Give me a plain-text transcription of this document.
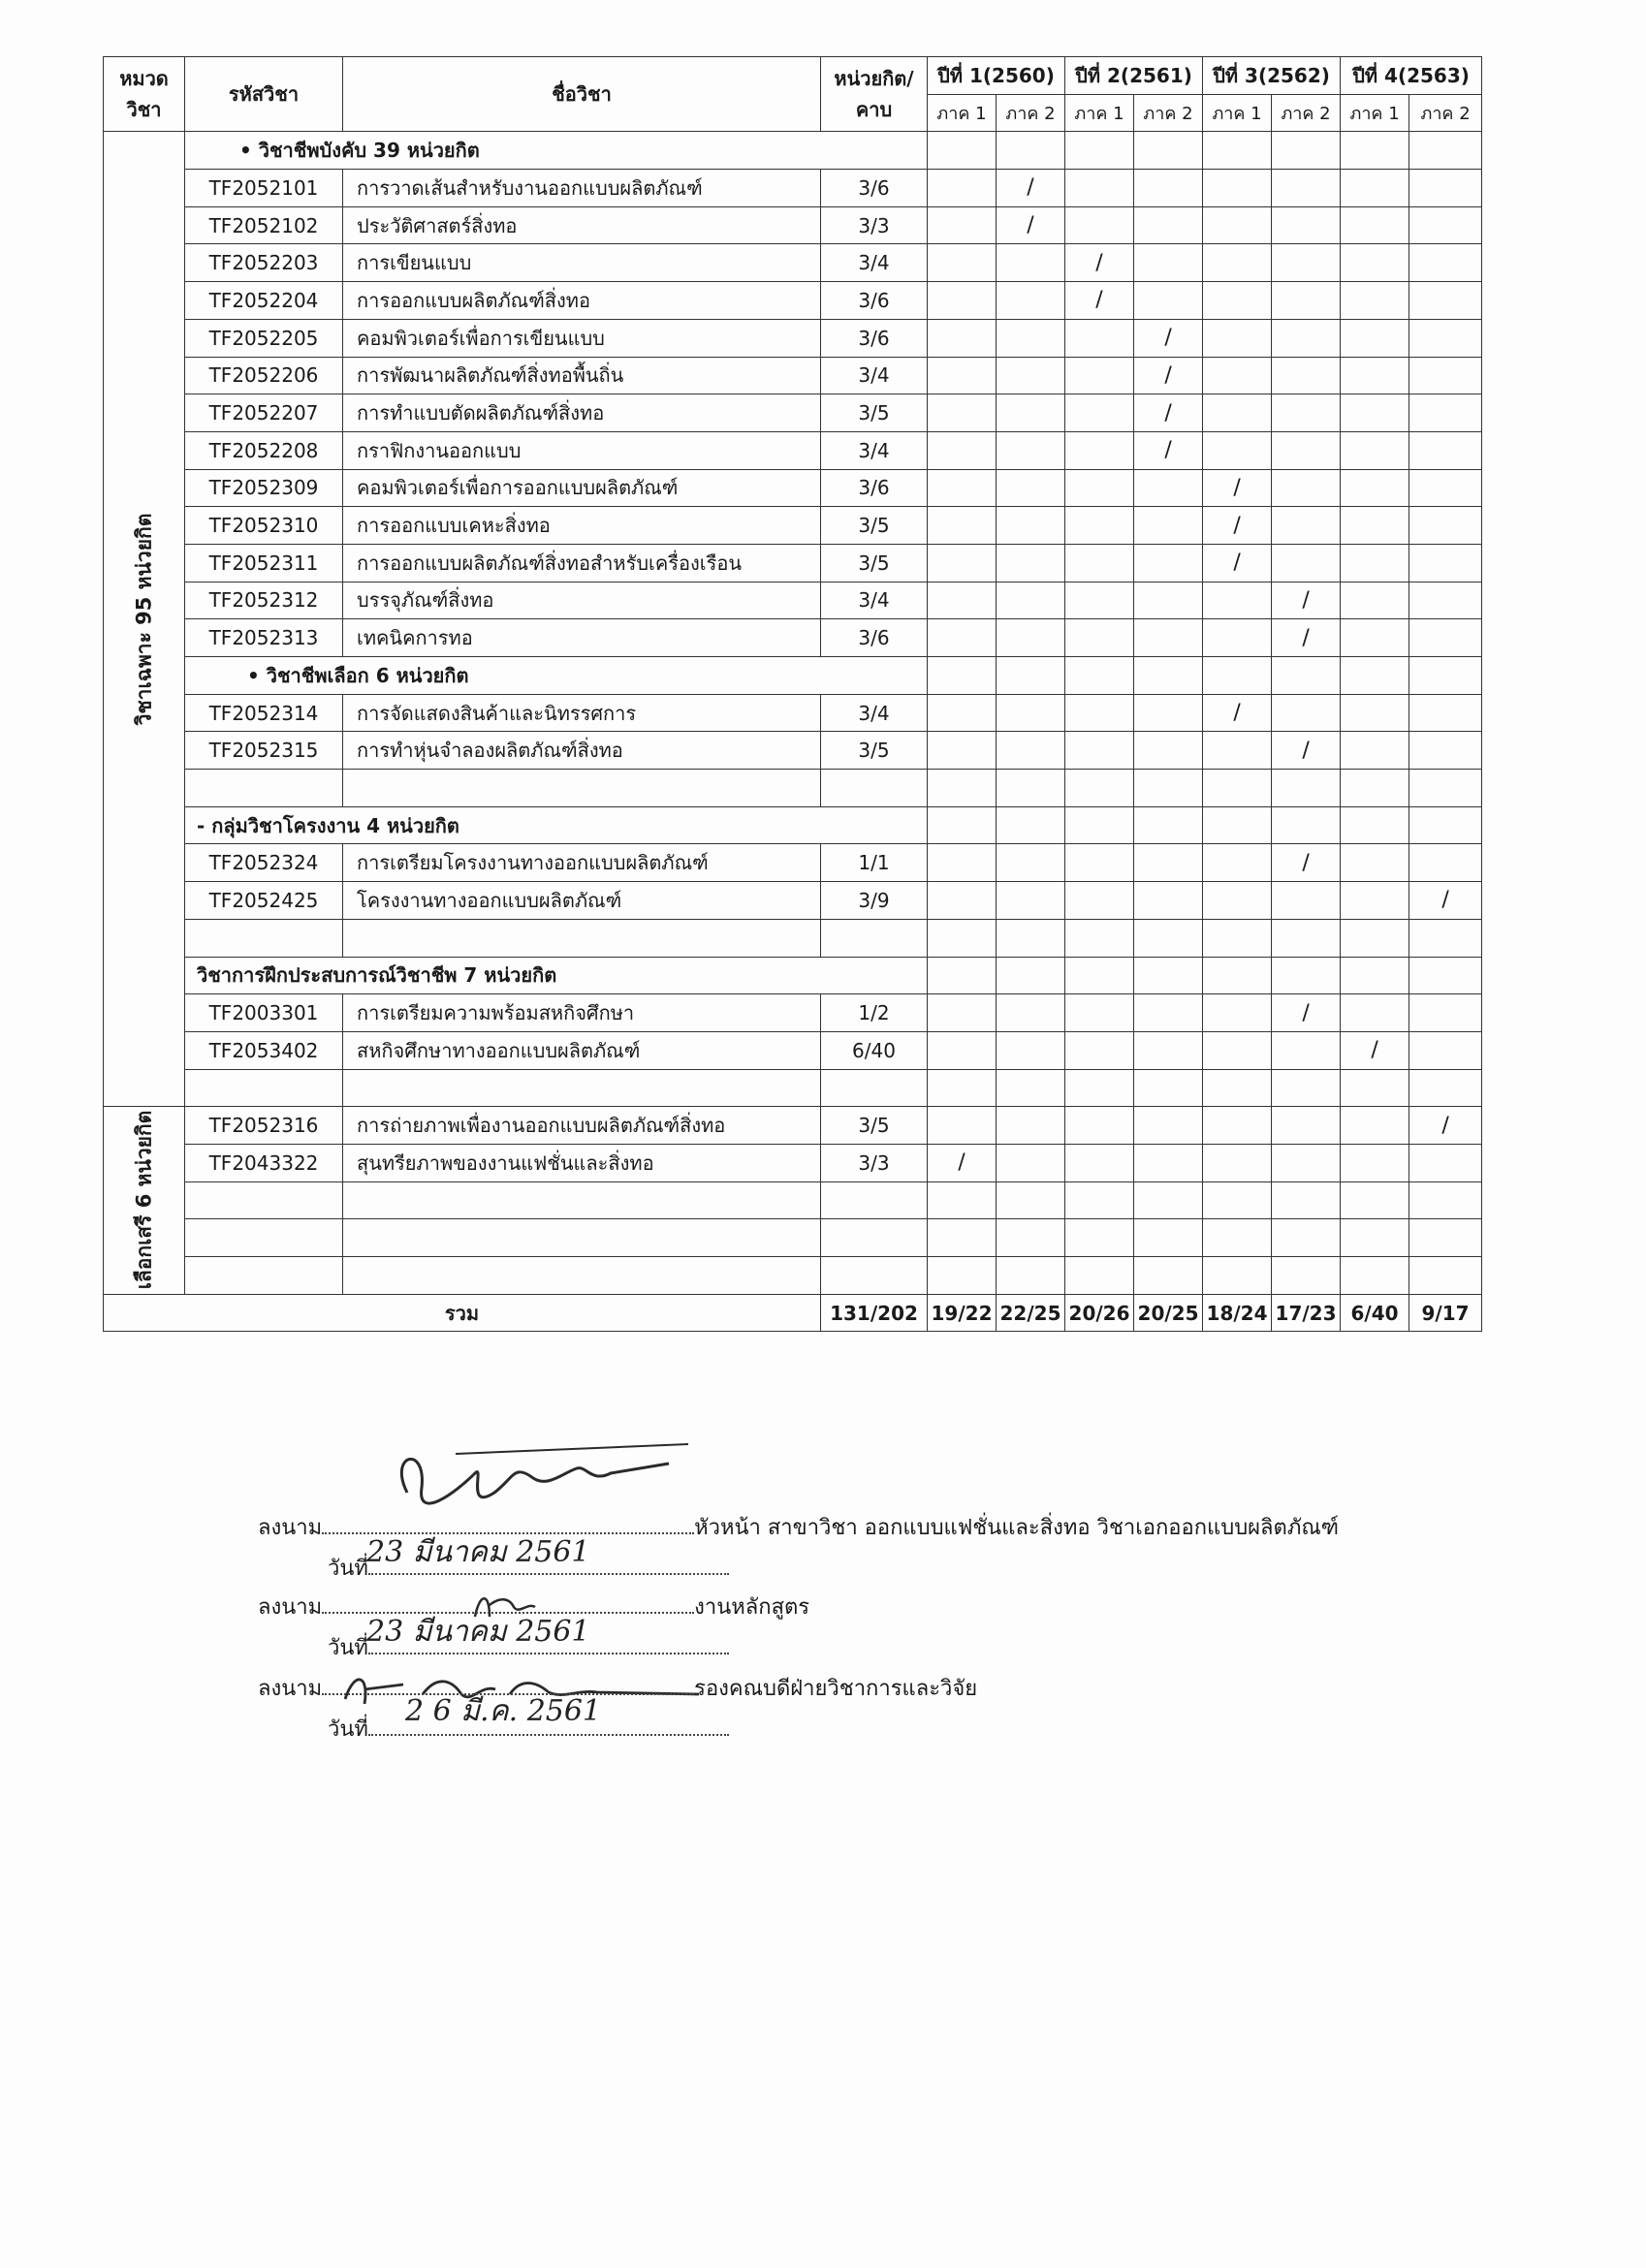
หมวด วิชา	รหัสวิชา	ชื่อวิชา	หน่วยกิต/ คาบ	ปีที่ 1(2560)		ปีที่ 2(2561)		ปีที่ 3(2562)		ปีที่ 4(2563)	
				ภาค 1	ภาค 2	ภาค 1	ภาค 2	ภาค 1	ภาค 2	ภาค 1	ภาค 2

วิชาเฉพาะ 95 หน่วยกิต	• วิชาชีพบังคับ 39 หน่วยกิต										
	TF2052101	การวาดเส้นสำหรับงานออกแบบผลิตภัณฑ์	3/6		/						
	TF2052102	ประวัติศาสตร์สิ่งทอ	3/3		/						
	TF2052203	การเขียนแบบ	3/4			/					
	TF2052204	การออกแบบผลิตภัณฑ์สิ่งทอ	3/6			/					
	TF2052205	คอมพิวเตอร์เพื่อการเขียนแบบ	3/6				/				
	TF2052206	การพัฒนาผลิตภัณฑ์สิ่งทอพื้นถิ่น	3/4				/				
	TF2052207	การทำแบบตัดผลิตภัณฑ์สิ่งทอ	3/5				/				
	TF2052208	กราฟิกงานออกแบบ	3/4				/				
	TF2052309	คอมพิวเตอร์เพื่อการออกแบบผลิตภัณฑ์	3/6					/			
	TF2052310	การออกแบบเคหะสิ่งทอ	3/5					/			
	TF2052311	การออกแบบผลิตภัณฑ์สิ่งทอสำหรับเครื่องเรือน	3/5					/			
	TF2052312	บรรจุภัณฑ์สิ่งทอ	3/4						/		
	TF2052313	เทคนิคการทอ	3/6						/		
	• วิชาชีพเลือก 6 หน่วยกิต										
	TF2052314	การจัดแสดงสินค้าและนิทรรศการ	3/4					/			
	TF2052315	การทำหุ่นจำลองผลิตภัณฑ์สิ่งทอ	3/5						/		

	- กลุ่มวิชาโครงงาน 4 หน่วยกิต										
	TF2052324	การเตรียมโครงงานทางออกแบบผลิตภัณฑ์	1/1						/		
	TF2052425	โครงงานทางออกแบบผลิตภัณฑ์	3/9								/

	วิชาการฝึกประสบการณ์วิชาชีพ 7 หน่วยกิต										
	TF2003301	การเตรียมความพร้อมสหกิจศึกษา	1/2						/		
	TF2053402	สหกิจศึกษาทางออกแบบผลิตภัณฑ์	6/40							/	

เลือกเสรี 6 หน่วยกิต	TF2052316	การถ่ายภาพเพื่องานออกแบบผลิตภัณฑ์สิ่งทอ	3/5								/
	TF2043322	สุนทรียภาพของงานแฟชั่นและสิ่งทอ	3/3	/							

รวม			131/202	19/22	22/25	20/26	20/25	18/24	17/23	6/40	9/17
ลงนาม	หัวหน้า สาขาวิชา ออกแบบแฟชั่นและสิ่งทอ วิชาเอกออกแบบผลิตภัณฑ์
วันที่
23 มีนาคม 2561
ลงนาม	งานหลักสูตร
วันที่
23 มีนาคม 2561
ลงนาม	รองคณบดีฝ่ายวิชาการและวิจัย
วันที่
2 6 มี.ค. 2561
